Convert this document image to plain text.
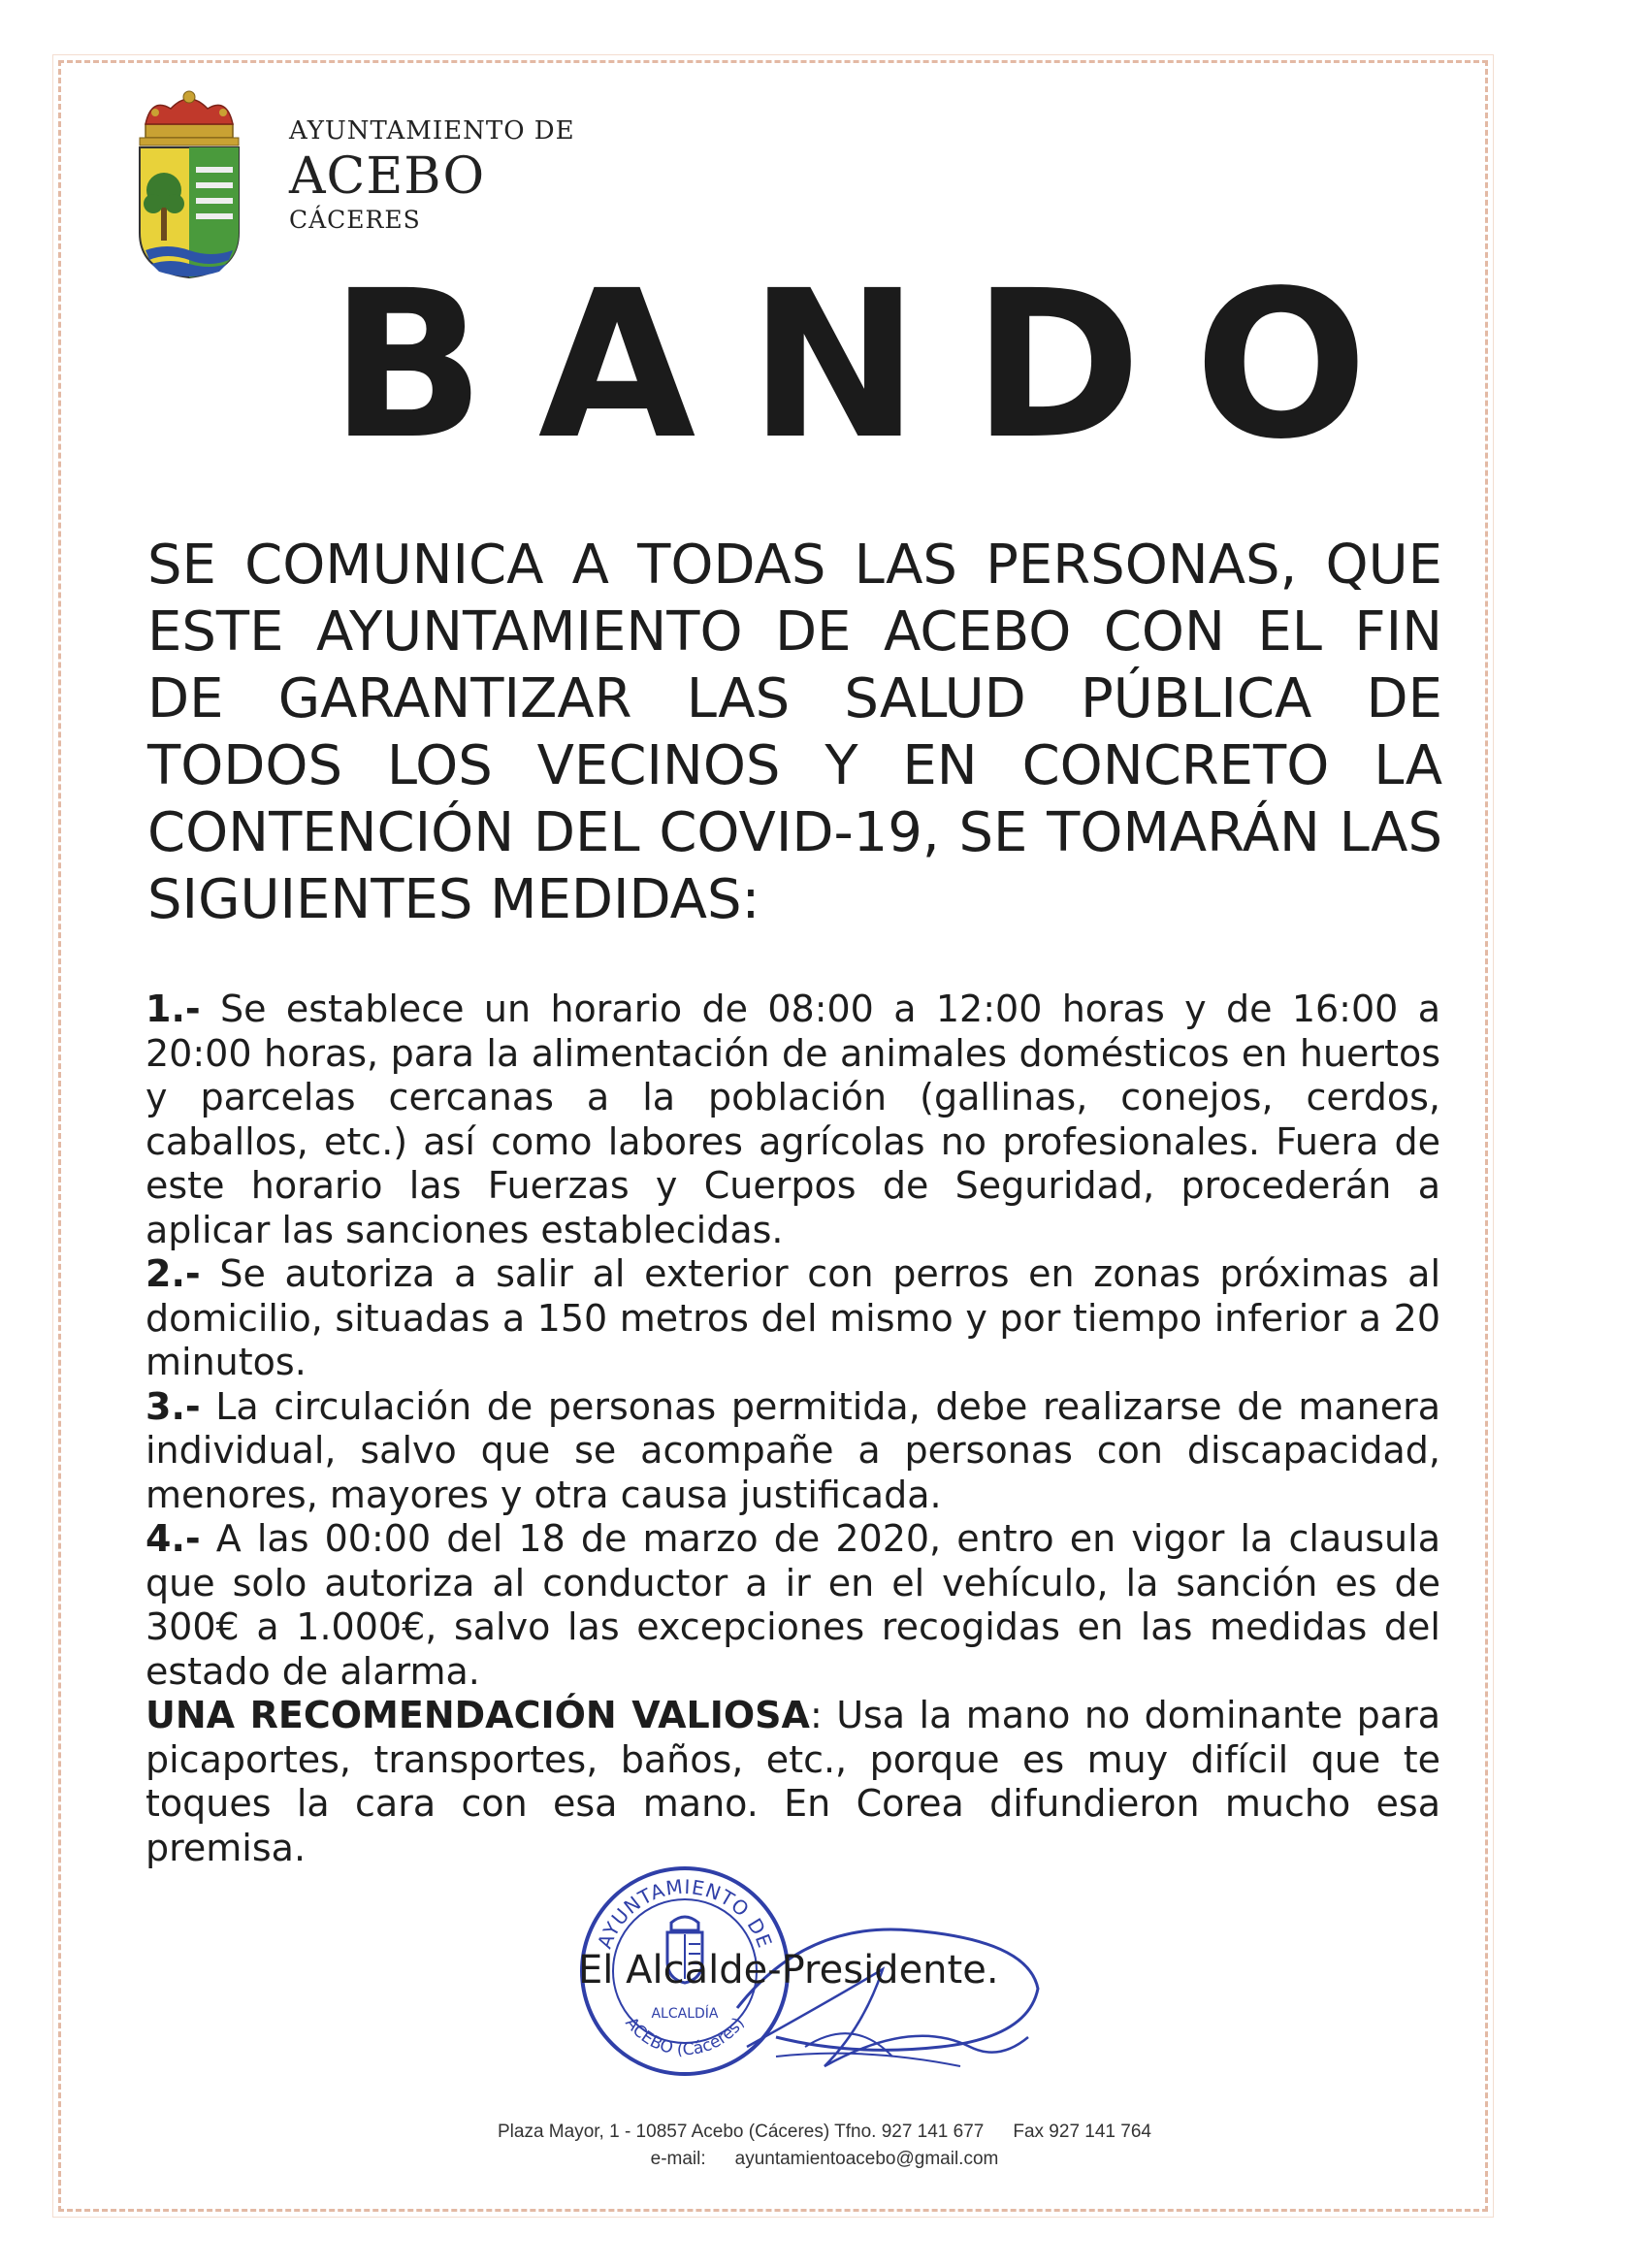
AYUNTAMIENTO DE
ACEBO
CÁCERES
B A N D O
SE COMUNICA A TODAS LAS PERSONAS, QUE ESTE AYUNTAMIENTO DE ACEBO CON EL FIN DE GARANTIZAR LAS SALUD PÚBLICA DE TODOS LOS VECINOS Y EN CONCRETO LA CONTENCIÓN DEL COVID-19, SE TOMARÁN LAS SIGUIENTES MEDIDAS:

1.- Se establece un horario de 08:00 a 12:00 horas y de 16:00 a 20:00 horas, para la alimentación de animales domésticos en huertos y parcelas cercanas a la población (gallinas, conejos, cerdos, caballos, etc.) así como labores agrícolas no profesionales. Fuera de este horario las Fuerzas y Cuerpos de Seguridad, procederán a aplicar las sanciones establecidas.

2.- Se autoriza a salir al exterior con perros en zonas próximas al domicilio, situadas a 150 metros del mismo y por tiempo inferior a 20 minutos.

3.- La circulación de personas permitida, debe realizarse de manera individual, salvo que se acompañe a personas con discapacidad, menores, mayores y otra causa justificada.

4.- A las 00:00 del 18 de marzo de 2020, entro en vigor la clausula que solo autoriza al conductor a ir en el vehículo, la sanción es de 300€ a 1.000€, salvo las excepciones recogidas en las medidas del estado de alarma.

UNA RECOMENDACIÓN VALIOSA: Usa la mano no dominante para picaportes, transportes, baños, etc., porque es muy difícil que te toques la cara con esa mano. En Corea difundieron mucho esa premisa.

AYUNTAMIENTO DE
ACEBO (Cáceres)
ALCALDÍA
El Alcalde-Presidente.
Plaza Mayor, 1 - 10857 Acebo (Cáceres) Tfno. 927 141 677 Fax 927 141 764
e-mail: ayuntamientoacebo@gmail.com
